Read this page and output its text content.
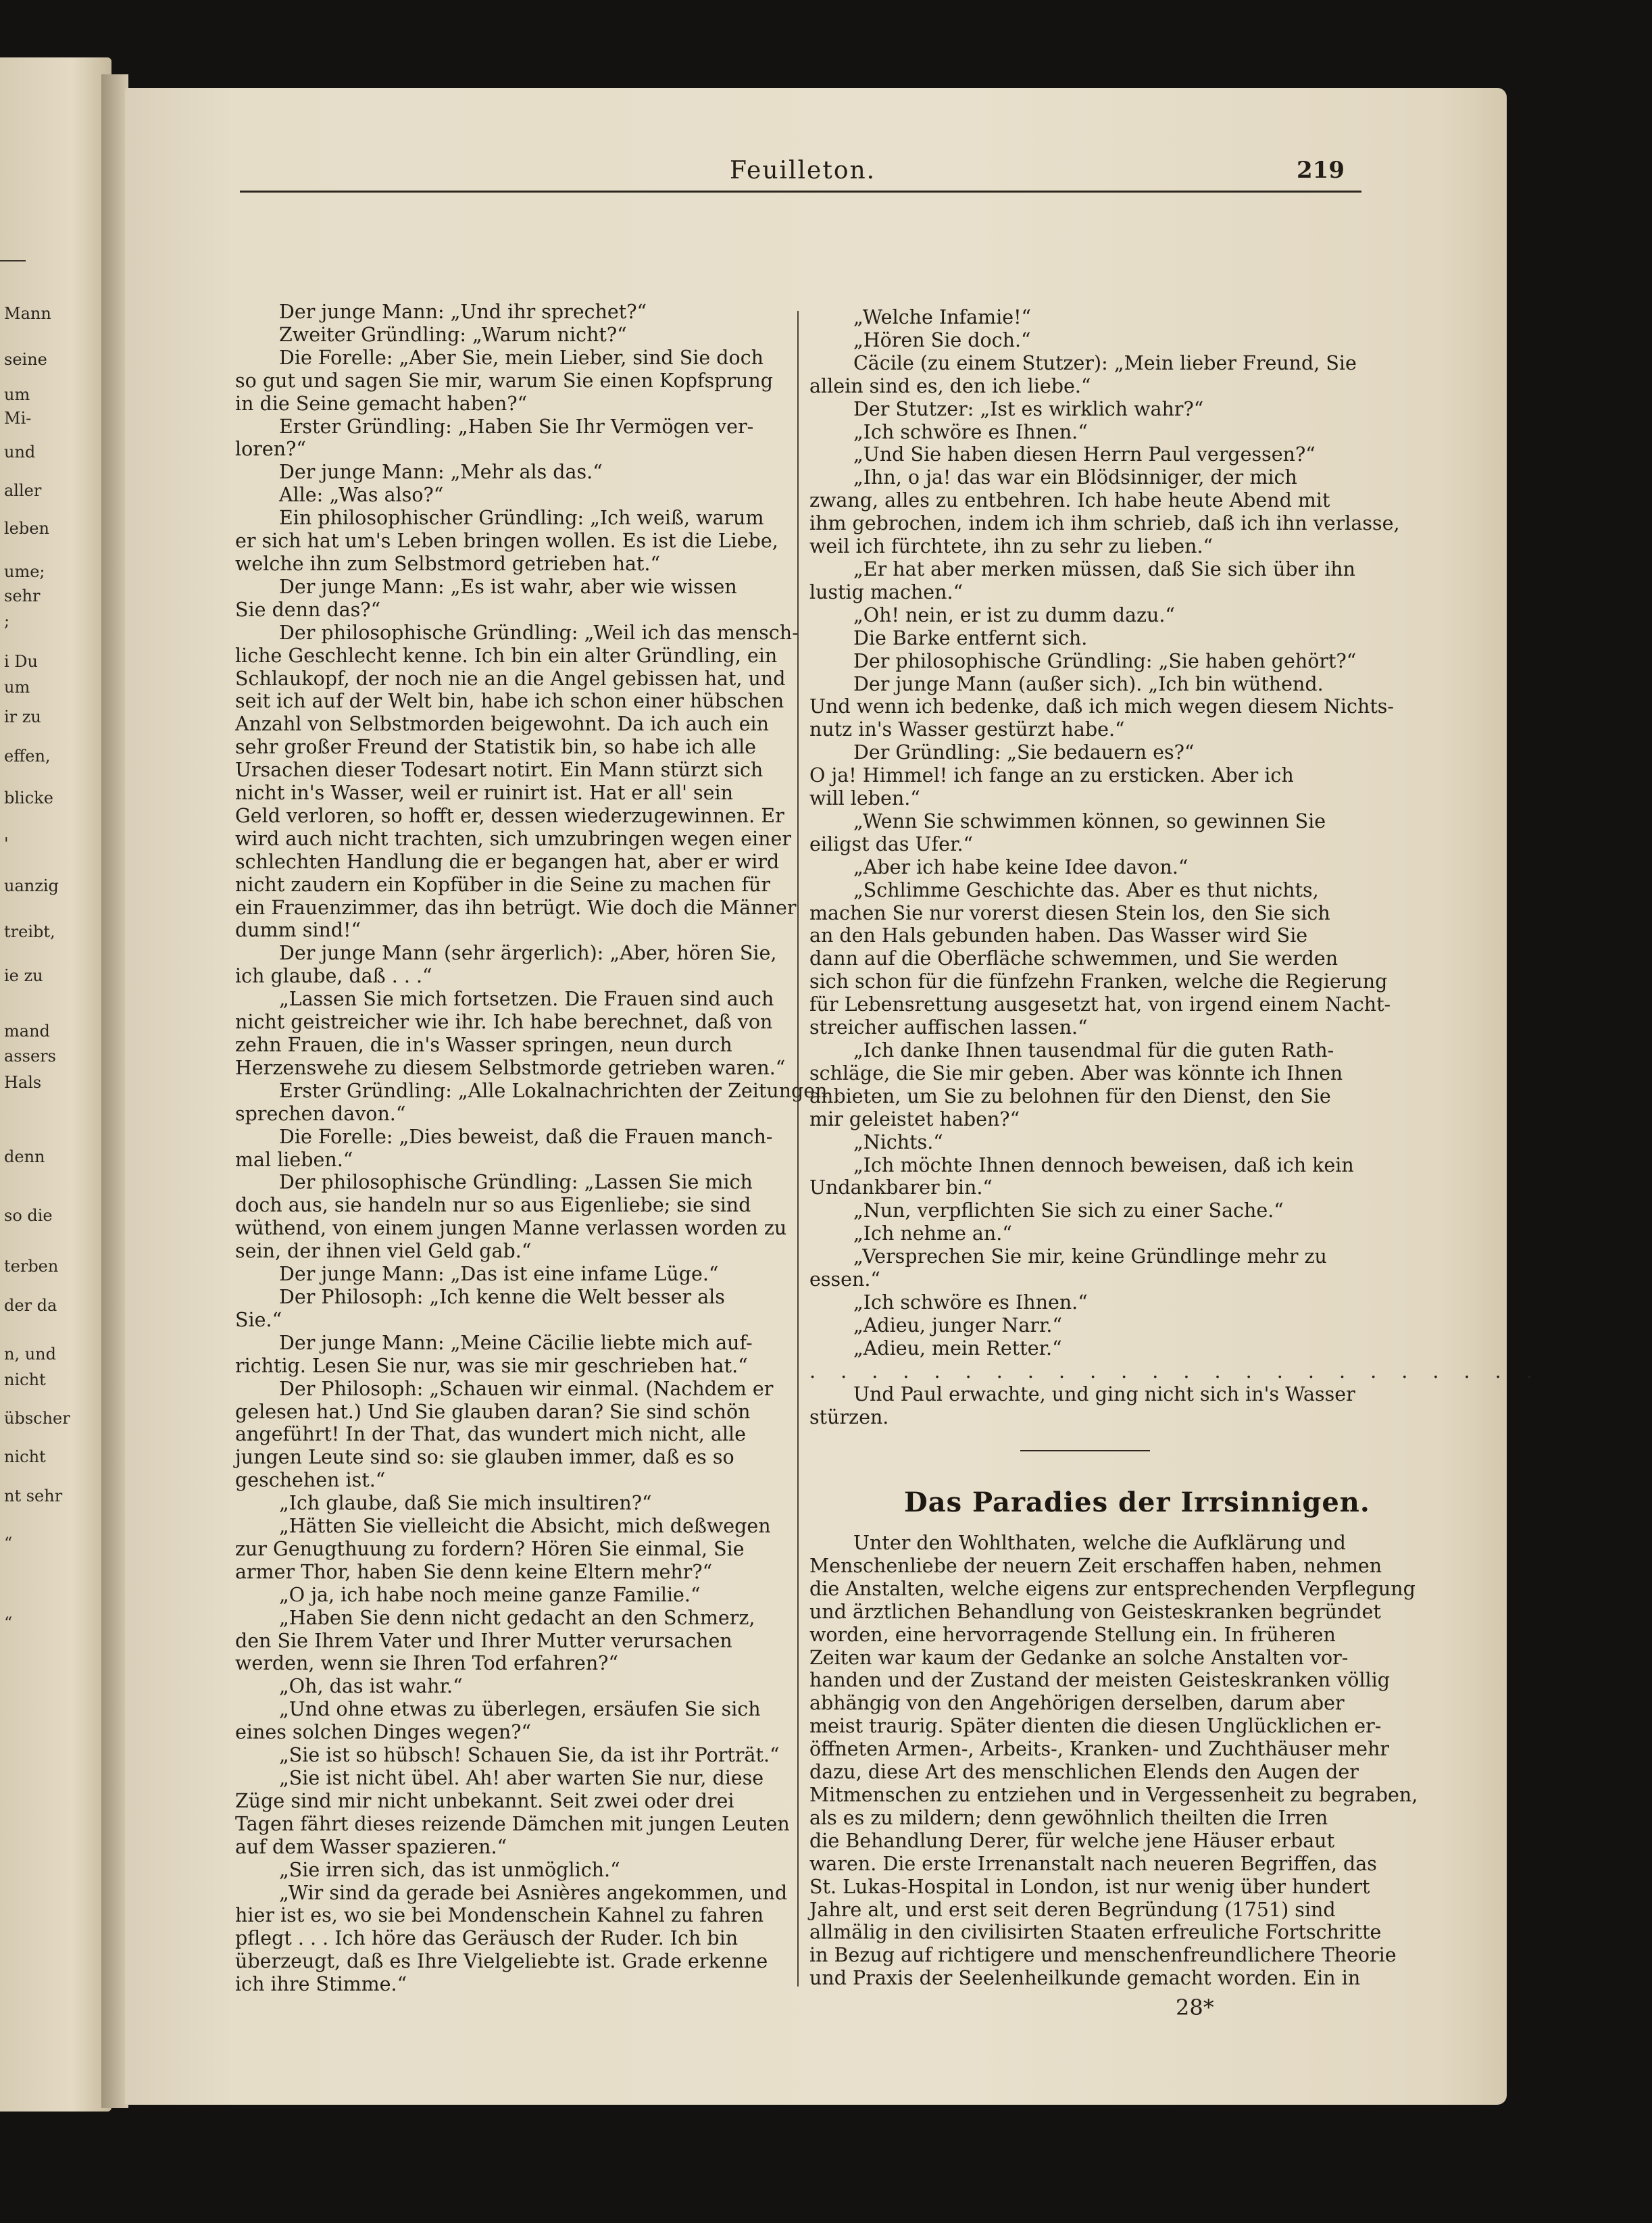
Mann
seine
um
Mi-
und
aller
leben
ume;
sehr
;
i Du
um
ir zu
effen,
blicke
'
uanzig
treibt,
ie zu
mand
assers
Hals
denn
so die
terben
der da
n, und
nicht
übscher
nicht
nt sehr
“
“
Feuilleton.	219

Der junge Mann: „Und ihr sprechet?“

Zweiter Gründling: „Warum nicht?“

Die Forelle: „Aber Sie, mein Lieber, sind Sie doch

so gut und sagen Sie mir, warum Sie einen Kopfsprung

in die Seine gemacht haben?“

Erster Gründling: „Haben Sie Ihr Vermögen ver-

loren?“

Der junge Mann: „Mehr als das.“

Alle: „Was also?“

Ein philosophischer Gründling: „Ich weiß, warum

er sich hat um's Leben bringen wollen. Es ist die Liebe,

welche ihn zum Selbstmord getrieben hat.“

Der junge Mann: „Es ist wahr, aber wie wissen

Sie denn das?“

Der philosophische Gründling: „Weil ich das mensch-

liche Geschlecht kenne. Ich bin ein alter Gründling, ein

Schlaukopf, der noch nie an die Angel gebissen hat, und

seit ich auf der Welt bin, habe ich schon einer hübschen

Anzahl von Selbstmorden beigewohnt. Da ich auch ein

sehr großer Freund der Statistik bin, so habe ich alle

Ursachen dieser Todesart notirt. Ein Mann stürzt sich

nicht in's Wasser, weil er ruinirt ist. Hat er all' sein

Geld verloren, so hofft er, dessen wiederzugewinnen. Er

wird auch nicht trachten, sich umzubringen wegen einer

schlechten Handlung die er begangen hat, aber er wird

nicht zaudern ein Kopfüber in die Seine zu machen für

ein Frauenzimmer, das ihn betrügt. Wie doch die Männer

dumm sind!“

Der junge Mann (sehr ärgerlich): „Aber, hören Sie,

ich glaube, daß . . .“

„Lassen Sie mich fortsetzen. Die Frauen sind auch

nicht geistreicher wie ihr. Ich habe berechnet, daß von

zehn Frauen, die in's Wasser springen, neun durch

Herzenswehe zu diesem Selbstmorde getrieben waren.“

Erster Gründling: „Alle Lokalnachrichten der Zeitungen

sprechen davon.“

Die Forelle: „Dies beweist, daß die Frauen manch-

mal lieben.“

Der philosophische Gründling: „Lassen Sie mich

doch aus, sie handeln nur so aus Eigenliebe; sie sind

wüthend, von einem jungen Manne verlassen worden zu

sein, der ihnen viel Geld gab.“

Der junge Mann: „Das ist eine infame Lüge.“

Der Philosoph: „Ich kenne die Welt besser als

Sie.“

Der junge Mann: „Meine Cäcilie liebte mich auf-

richtig. Lesen Sie nur, was sie mir geschrieben hat.“

Der Philosoph: „Schauen wir einmal. (Nachdem er

gelesen hat.) Und Sie glauben daran? Sie sind schön

angeführt! In der That, das wundert mich nicht, alle

jungen Leute sind so: sie glauben immer, daß es so

geschehen ist.“

„Ich glaube, daß Sie mich insultiren?“

„Hätten Sie vielleicht die Absicht, mich deßwegen

zur Genugthuung zu fordern? Hören Sie einmal, Sie

armer Thor, haben Sie denn keine Eltern mehr?“

„O ja, ich habe noch meine ganze Familie.“

„Haben Sie denn nicht gedacht an den Schmerz,

den Sie Ihrem Vater und Ihrer Mutter verursachen

werden, wenn sie Ihren Tod erfahren?“

„Oh, das ist wahr.“

„Und ohne etwas zu überlegen, ersäufen Sie sich

eines solchen Dinges wegen?“

„Sie ist so hübsch! Schauen Sie, da ist ihr Porträt.“

„Sie ist nicht übel. Ah! aber warten Sie nur, diese

Züge sind mir nicht unbekannt. Seit zwei oder drei

Tagen fährt dieses reizende Dämchen mit jungen Leuten

auf dem Wasser spazieren.“

„Sie irren sich, das ist unmöglich.“

„Wir sind da gerade bei Asnières angekommen, und

hier ist es, wo sie bei Mondenschein Kahnel zu fahren

pflegt . . . Ich höre das Geräusch der Ruder. Ich bin

überzeugt, daß es Ihre Vielgeliebte ist. Grade erkenne

ich ihre Stimme.“

„Welche Infamie!“

„Hören Sie doch.“

Cäcile (zu einem Stutzer): „Mein lieber Freund, Sie

allein sind es, den ich liebe.“

Der Stutzer: „Ist es wirklich wahr?“

„Ich schwöre es Ihnen.“

„Und Sie haben diesen Herrn Paul vergessen?“

„Ihn, o ja! das war ein Blödsinniger, der mich

zwang, alles zu entbehren. Ich habe heute Abend mit

ihm gebrochen, indem ich ihm schrieb, daß ich ihn verlasse,

weil ich fürchtete, ihn zu sehr zu lieben.“

„Er hat aber merken müssen, daß Sie sich über ihn

lustig machen.“

„Oh! nein, er ist zu dumm dazu.“

Die Barke entfernt sich.

Der philosophische Gründling: „Sie haben gehört?“

Der junge Mann (außer sich). „Ich bin wüthend.

Und wenn ich bedenke, daß ich mich wegen diesem Nichts-

nutz in's Wasser gestürzt habe.“

Der Gründling: „Sie bedauern es?“

O ja! Himmel! ich fange an zu ersticken. Aber ich

will leben.“

„Wenn Sie schwimmen können, so gewinnen Sie

eiligst das Ufer.“

„Aber ich habe keine Idee davon.“

„Schlimme Geschichte das. Aber es thut nichts,

machen Sie nur vorerst diesen Stein los, den Sie sich

an den Hals gebunden haben. Das Wasser wird Sie

dann auf die Oberfläche schwemmen, und Sie werden

sich schon für die fünfzehn Franken, welche die Regierung

für Lebensrettung ausgesetzt hat, von irgend einem Nacht-

streicher auffischen lassen.“

„Ich danke Ihnen tausendmal für die guten Rath-

schläge, die Sie mir geben. Aber was könnte ich Ihnen

anbieten, um Sie zu belohnen für den Dienst, den Sie

mir geleistet haben?“

„Nichts.“

„Ich möchte Ihnen dennoch beweisen, daß ich kein

Undankbarer bin.“

„Nun, verpflichten Sie sich zu einer Sache.“

„Ich nehme an.“

„Versprechen Sie mir, keine Gründlinge mehr zu

essen.“

„Ich schwöre es Ihnen.“

„Adieu, junger Narr.“

„Adieu, mein Retter.“

. . . . . . . . . . . . . . . . . . . . . . . .

Und Paul erwachte, und ging nicht sich in's Wasser

stürzen.

Das Paradies der Irrsinnigen.

Unter den Wohlthaten, welche die Aufklärung und

Menschenliebe der neuern Zeit erschaffen haben, nehmen

die Anstalten, welche eigens zur entsprechenden Verpflegung

und ärztlichen Behandlung von Geisteskranken begründet

worden, eine hervorragende Stellung ein. In früheren

Zeiten war kaum der Gedanke an solche Anstalten vor-

handen und der Zustand der meisten Geisteskranken völlig

abhängig von den Angehörigen derselben, darum aber

meist traurig. Später dienten die diesen Unglücklichen er-

öffneten Armen-, Arbeits-, Kranken- und Zuchthäuser mehr

dazu, diese Art des menschlichen Elends den Augen der

Mitmenschen zu entziehen und in Vergessenheit zu begraben,

als es zu mildern; denn gewöhnlich theilten die Irren

die Behandlung Derer, für welche jene Häuser erbaut

waren. Die erste Irrenanstalt nach neueren Begriffen, das

St. Lukas-Hospital in London, ist nur wenig über hundert

Jahre alt, und erst seit deren Begründung (1751) sind

allmälig in den civilisirten Staaten erfreuliche Fortschritte

in Bezug auf richtigere und menschenfreundlichere Theorie

und Praxis der Seelenheilkunde gemacht worden. Ein in

28*
